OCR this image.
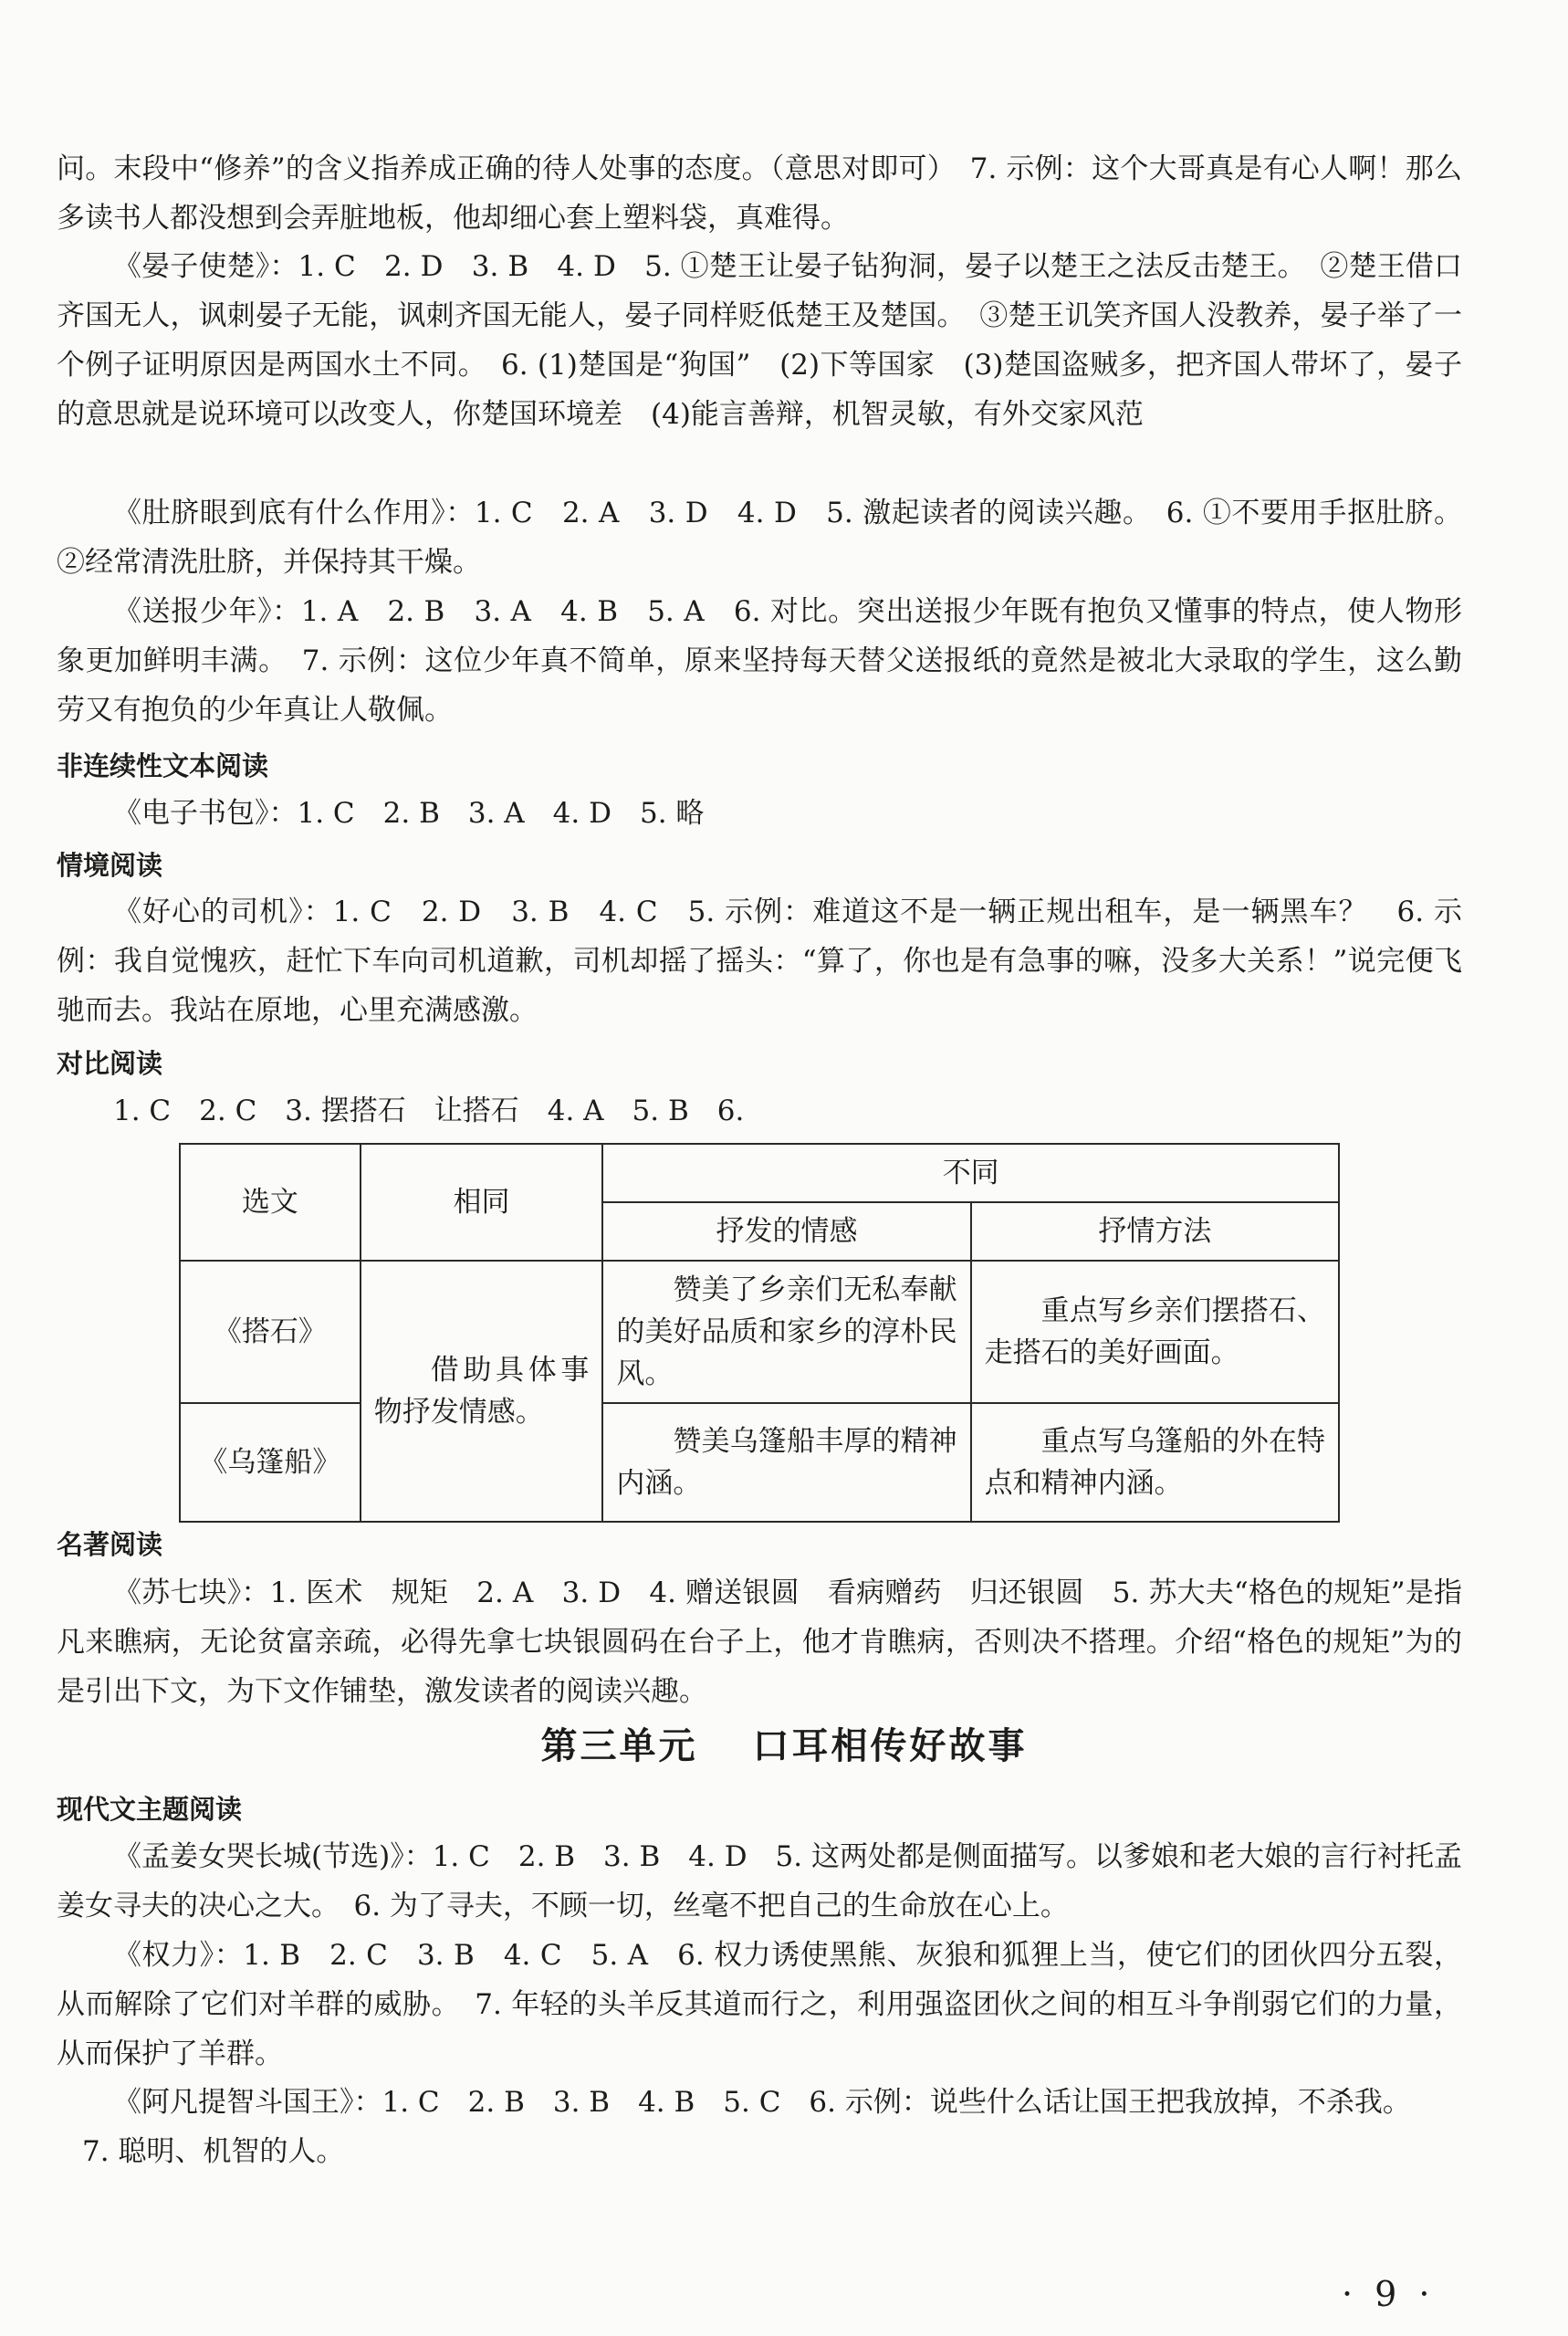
问。末段中“修养”的含义指养成正确的待人处事的态度。（意思对即可）　7. 示例：这个大哥真是有心人啊！那么多读书人都没想到会弄脏地板，他却细心套上塑料袋，真难得。

《晏子使楚》：1. C　2. D　3. B　4. D　5. ①楚王让晏子钻狗洞，晏子以楚王之法反击楚王。　②楚王借口齐国无人，讽刺晏子无能，讽刺齐国无能人，晏子同样贬低楚王及楚国。　③楚王讥笑齐国人没教养，晏子举了一个例子证明原因是两国水土不同。　6. (1)楚国是“狗国”　(2)下等国家　(3)楚国盗贼多，把齐国人带坏了，晏子的意思就是说环境可以改变人，你楚国环境差　(4)能言善辩，机智灵敏，有外交家风范

《肚脐眼到底有什么作用》：1. C　2. A　3. D　4. D　5. 激起读者的阅读兴趣。　6. ①不要用手抠肚脐。②经常清洗肚脐，并保持其干燥。

《送报少年》：1. A　2. B　3. A　4. B　5. A　6. 对比。突出送报少年既有抱负又懂事的特点，使人物形象更加鲜明丰满。　7. 示例：这位少年真不简单，原来坚持每天替父送报纸的竟然是被北大录取的学生，这么勤劳又有抱负的少年真让人敬佩。

非连续性文本阅读

《电子书包》：1. C　2. B　3. A　4. D　5. 略

情境阅读

《好心的司机》：1. C　2. D　3. B　4. C　5. 示例：难道这不是一辆正规出租车，是一辆黑车？　6. 示例：我自觉愧疚，赶忙下车向司机道歉，司机却摇了摇头：“算了，你也是有急事的嘛，没多大关系！”说完便飞驰而去。我站在原地，心里充满感激。

对比阅读

1. C　2. C　3. 摆搭石　让搭石　4. A　5. B　6.

选文	相同	不同	
		抒发的情感	抒情方法
《搭石》	借助具体事物抒发情感。	赞美了乡亲们无私奉献的美好品质和家乡的淳朴民风。	重点写乡亲们摆搭石、走搭石的美好画面。
《乌篷船》		赞美乌篷船丰厚的精神内涵。	重点写乌篷船的外在特点和精神内涵。

名著阅读

《苏七块》：1. 医术　规矩　2. A　3. D　4. 赠送银圆　看病赠药　归还银圆　5. 苏大夫“格色的规矩”是指凡来瞧病，无论贫富亲疏，必得先拿七块银圆码在台子上，他才肯瞧病，否则决不搭理。介绍“格色的规矩”为的是引出下文，为下文作铺垫，激发读者的阅读兴趣。

第三单元 口耳相传好故事

现代文主题阅读

《孟姜女哭长城(节选)》：1. C　2. B　3. B　4. D　5. 这两处都是侧面描写。以爹娘和老大娘的言行衬托孟姜女寻夫的决心之大。　6. 为了寻夫，不顾一切，丝毫不把自己的生命放在心上。

《权力》：1. B　2. C　3. B　4. C　5. A　6. 权力诱使黑熊、灰狼和狐狸上当，使它们的团伙四分五裂，从而解除了它们对羊群的威胁。　7. 年轻的头羊反其道而行之，利用强盗团伙之间的相互斗争削弱它们的力量，从而保护了羊群。

《阿凡提智斗国王》：1. C　2. B　3. B　4. B　5. C　6. 示例：说些什么话让国王把我放掉，不杀我。

7. 聪明、机智的人。

· 9 ·
